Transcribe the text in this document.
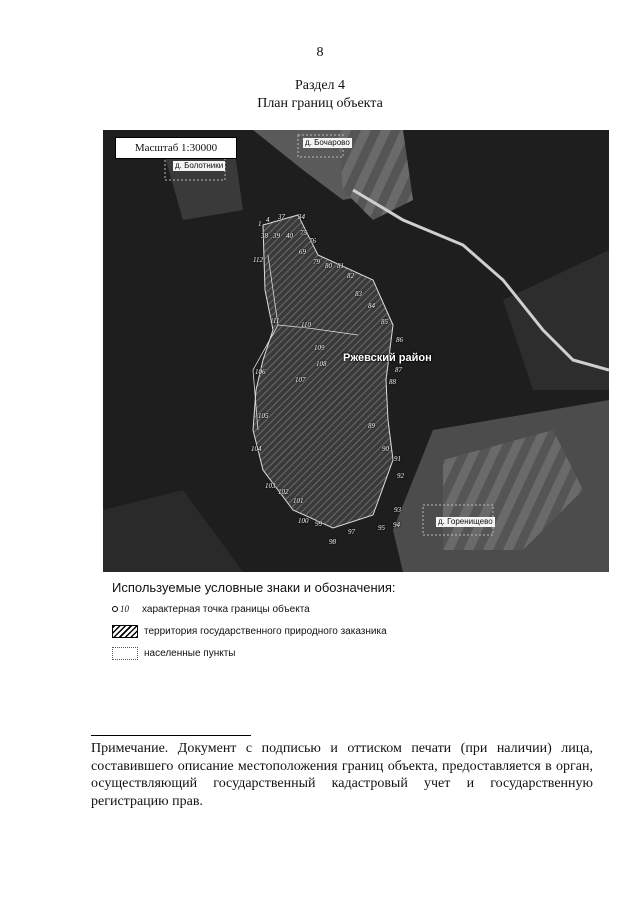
8
Раздел 4
План границ объекта
д. Бочарово
д. Болотники
д. Горенищево
Ржевский район
1 4 37 34
38 39 40 75
76
112
69
79 80 81
82
83
84
85
86
87
88
111	110
109
108
107
106
105
104
89
90
91
92
93
94
103
102
101
100 99
98
97	95
Масштаб 1:30000
Используемые условные знаки и обозначения:
10 характерная точка границы объекта
территория государственного природного заказника
населенные пункты
Примечание. Документ с подписью и оттиском печати (при наличии) лица, составившего описание местоположения границ объекта, предоставляется в орган, осуществляющий государственный кадастровый учет и государственную регистрацию прав.
